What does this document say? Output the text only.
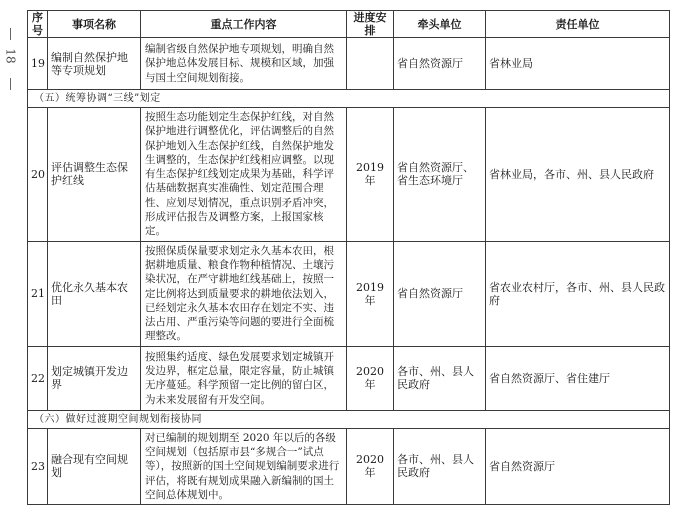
18
序号	事项名称	重点工作内容	进度安排	牵头单位	责任单位
19	编制自然保护地等专项规划	编制省级自然保护地专项规划，明确自然保护地总体发展目标、规模和区域，加强与国土空间规划衔接。		省自然资源厅	省林业局
（五）统筹协调“三线”划定					
20	评估调整生态保护红线	按照生态功能划定生态保护红线，对自然保护地进行调整优化，评估调整后的自然保护地划入生态保护红线，自然保护地发生调整的，生态保护红线相应调整。以现有生态保护红线划定成果为基础，科学评估基础数据真实准确性、划定范围合理性、应划尽划情况，重点识别矛盾冲突，形成评估报告及调整方案，上报国家核定。	2019 年	省自然资源厅、省生态环境厅	省林业局，各市、州、县人民政府
21	优化永久基本农田	按照保质保量要求划定永久基本农田，根据耕地质量、粮食作物种植情况、土壤污染状况，在严守耕地红线基础上，按照一定比例将达到质量要求的耕地依法划入，已经划定永久基本农田存在划定不实、违法占用、严重污染等问题的要进行全面梳理整改。	2019 年	省自然资源厅	省农业农村厅，各市、州、县人民政府
22	划定城镇开发边界	按照集约适度、绿色发展要求划定城镇开发边界，框定总量，限定容量，防止城镇无序蔓延。科学预留一定比例的留白区，为未来发展留有开发空间。	2020 年	各市、州、县人民政府	省自然资源厅、省住建厅
（六）做好过渡期空间规划衔接协同					
23	融合现有空间规划	对已编制的规划期至 2020 年以后的各级空间规划（包括原市县“多规合一”试点等），按照新的国土空间规划编制要求进行评估，将既有规划成果融入新编制的国土空间总体规划中。	2020 年	各市、州、县人民政府	省自然资源厅
